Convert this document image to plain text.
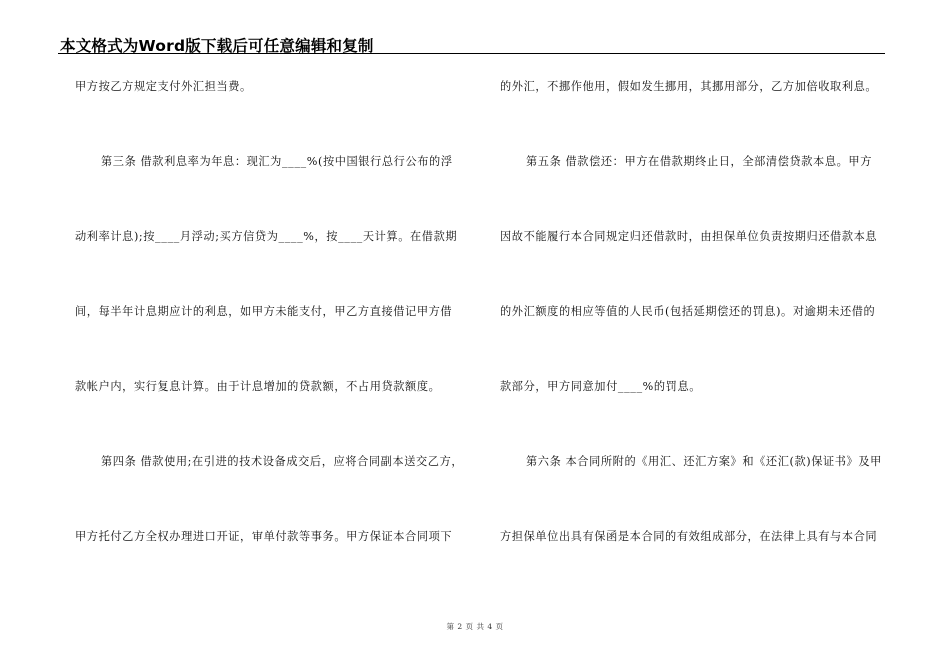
本文格式为Word版下载后可任意编辑和复制
甲方按乙方规定支付外汇担当费。
第三条 借款利息率为年息：现汇为____%(按中国银行总行公布的浮
动利率计息);按____月浮动;买方信贷为____%，按____天计算。在借款期
间，每半年计息期应计的利息，如甲方未能支付，甲乙方直接借记甲方借
款帐户内，实行复息计算。由于计息增加的贷款额，不占用贷款额度。
第四条 借款使用;在引进的技术设备成交后，应将合同副本送交乙方，
甲方托付乙方全权办理进口开证，审单付款等事务。甲方保证本合同项下
的外汇，不挪作他用，假如发生挪用，其挪用部分，乙方加倍收取利息。
第五条 借款偿还：甲方在借款期终止日，全部清偿贷款本息。甲方
因故不能履行本合同规定归还借款时，由担保单位负责按期归还借款本息
的外汇额度的相应等值的人民币(包括延期偿还的罚息)。对逾期未还借的
款部分，甲方同意加付____%的罚息。
第六条 本合同所附的《用汇、还汇方案》和《还汇(款)保证书》及甲
方担保单位出具有保函是本合同的有效组成部分，在法律上具有与本合同
第 2 页 共 4 页
